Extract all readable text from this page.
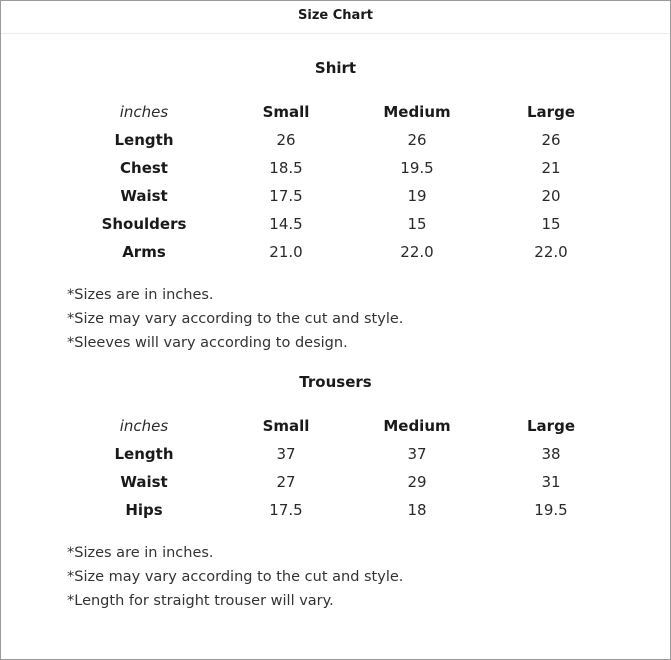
Size Chart
Shirt
inches	Small	Medium	Large
Length	26	26	26
Chest	18.5	19.5	21
Waist	17.5	19	20
Shoulders	14.5	15	15
Arms	21.0	22.0	22.0
*Sizes are in inches.
*Size may vary according to the cut and style.
*Sleeves will vary according to design.
Trousers
inches	Small	Medium	Large
Length	37	37	38
Waist	27	29	31
Hips	17.5	18	19.5
*Sizes are in inches.
*Size may vary according to the cut and style.
*Length for straight trouser will vary.
